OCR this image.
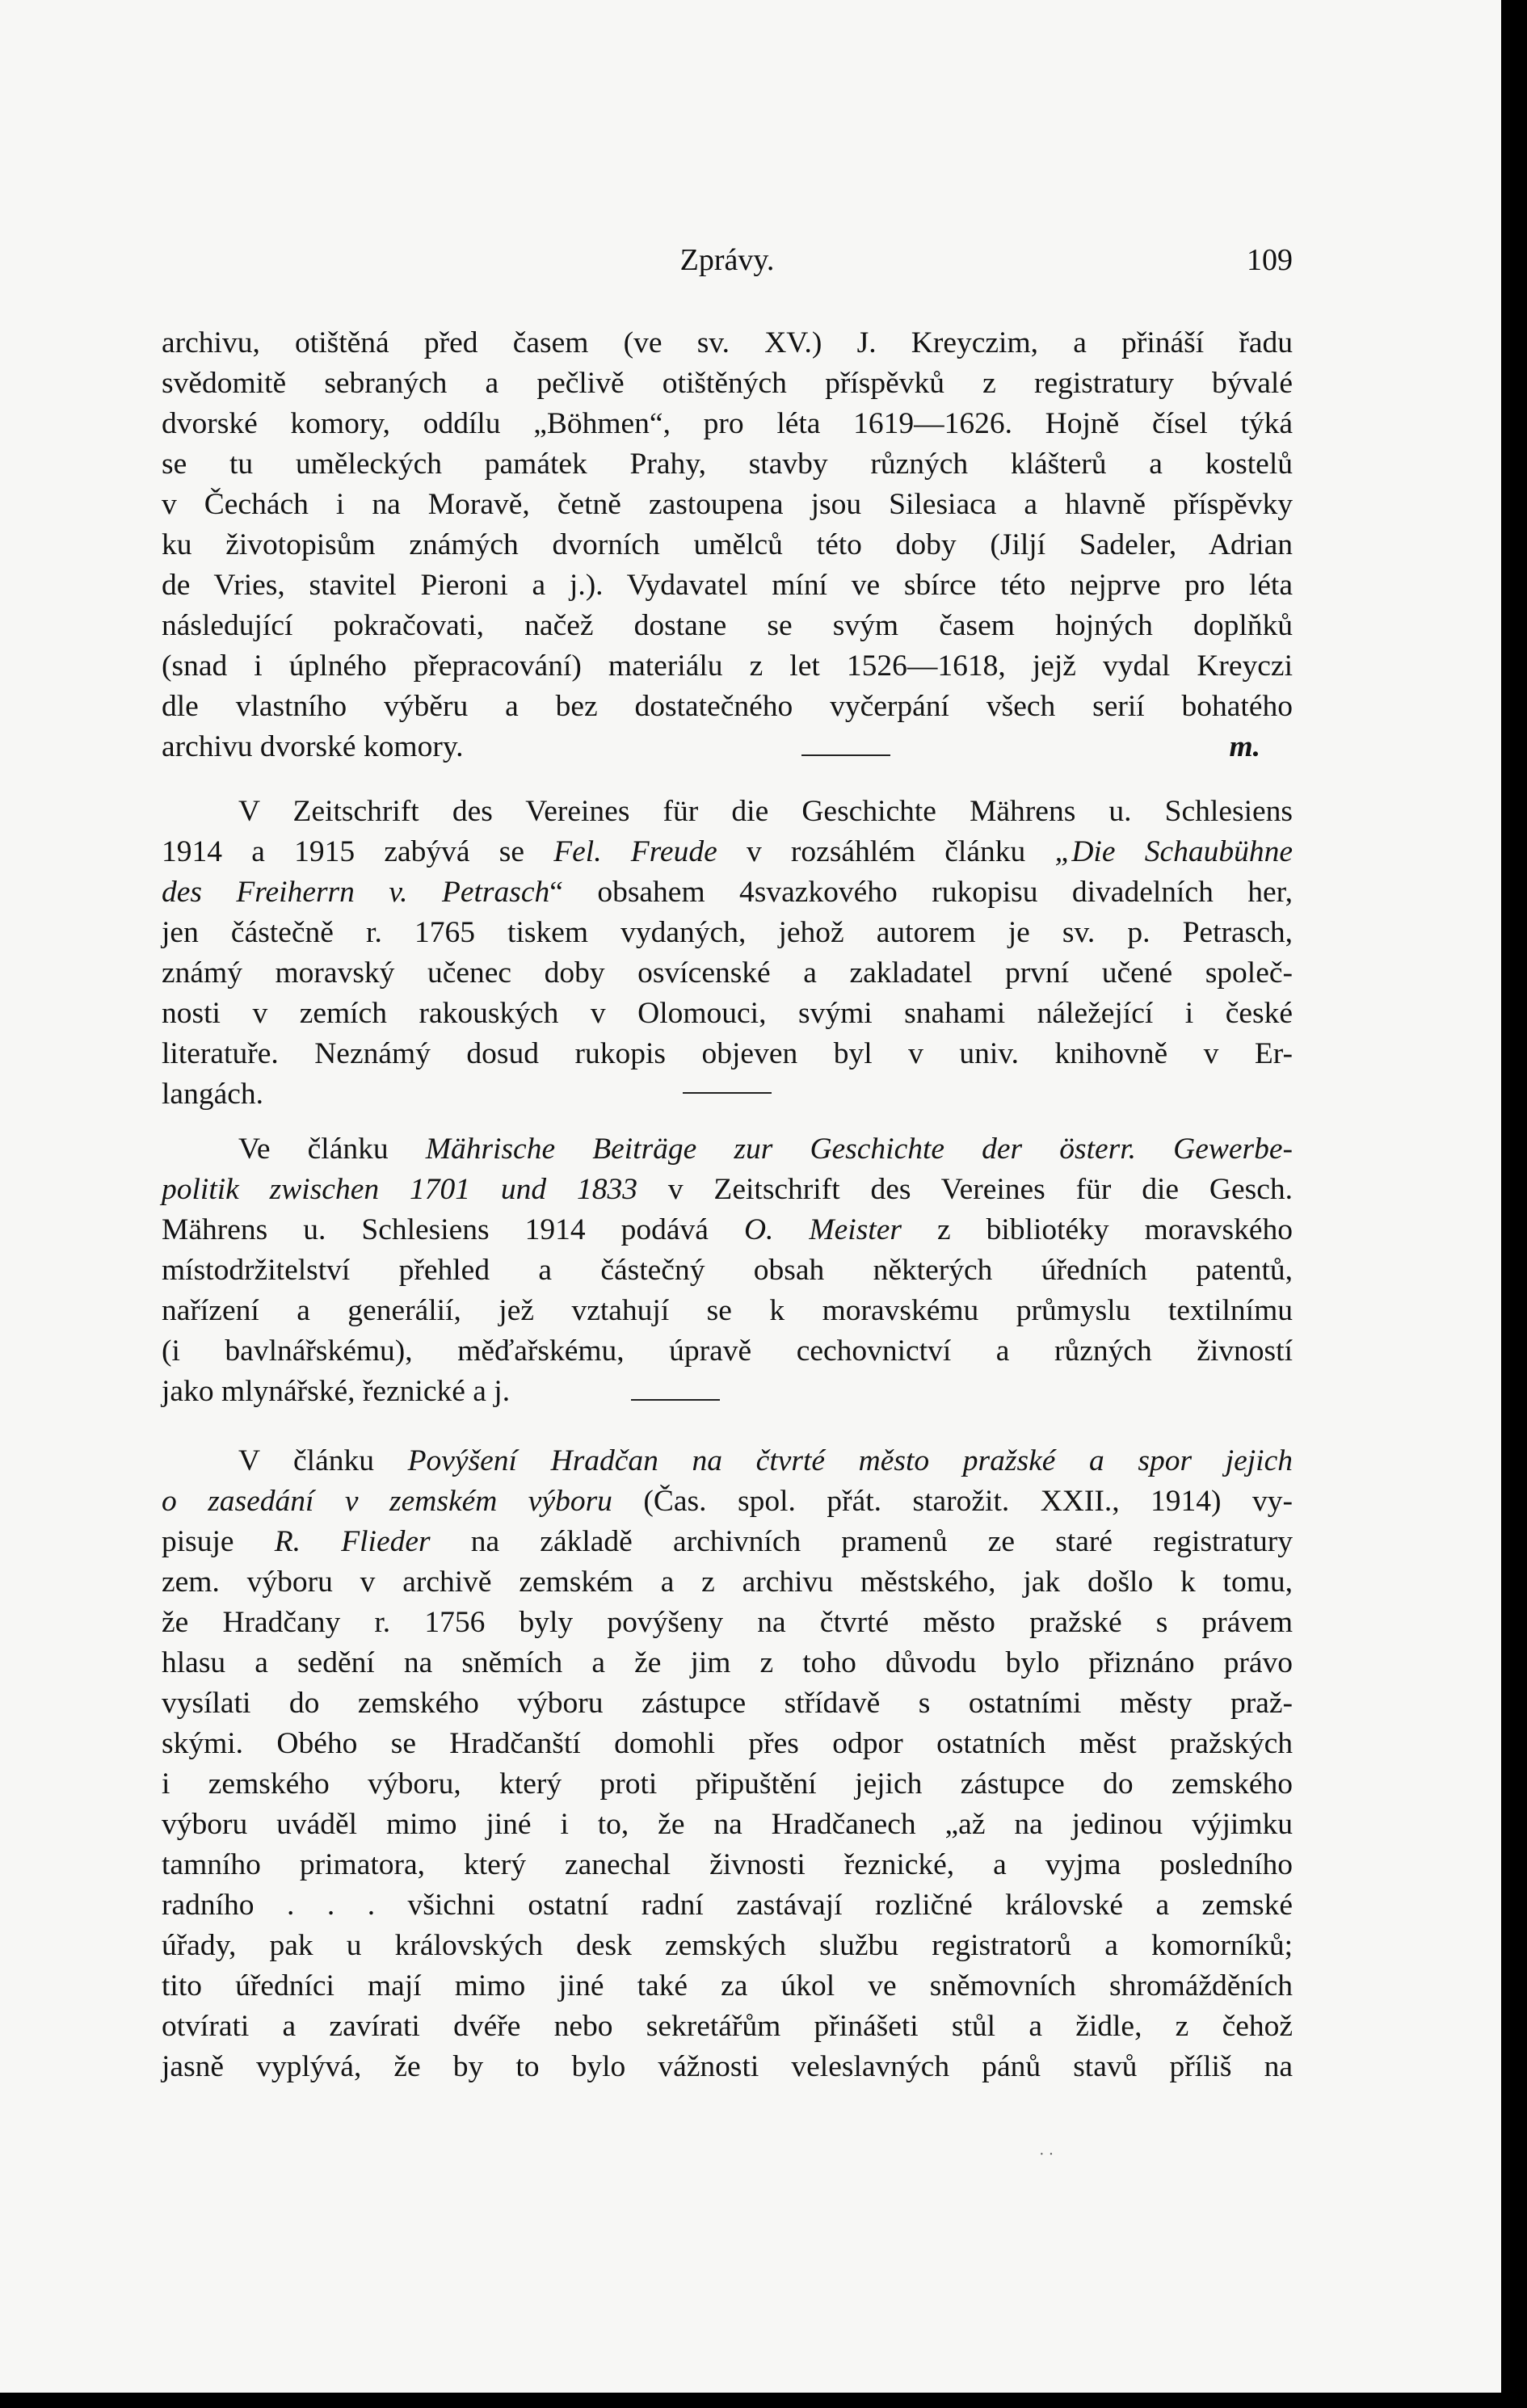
Zprávy.	109
archivu, otištěná před časem (ve sv. XV.) J. Kreyczim, a přináší řadu
svědomitě sebraných a pečlivě otištěných příspěvků z registratury bývalé
dvorské komory, oddílu „Böhmen“, pro léta 1619—1626. Hojně čísel týká
se tu uměleckých památek Prahy, stavby různých klášterů a kostelů
v Čechách i na Moravě, četně zastoupena jsou Silesiaca a hlavně příspěvky
ku životopisům známých dvorních umělců této doby (Jiljí Sadeler, Adrian
de Vries, stavitel Pieroni a j.). Vydavatel míní ve sbírce této nejprve pro léta
následující pokračovati, načež dostane se svým časem hojných doplňků
(snad i úplného přepracování) materiálu z let 1526—1618, jejž vydal Kreyczi
dle vlastního výběru a bez dostatečného vyčerpání všech serií bohatého
archivu dvorské komory.	m.
V Zeitschrift des Vereines für die Geschichte Mährens u. Schlesiens
1914 a 1915 zabývá se Fel. Freude v rozsáhlém článku „Die Schaubühne
des Freiherrn v. Petrasch“ obsahem 4svazkového rukopisu divadelních her,
jen částečně r. 1765 tiskem vydaných, jehož autorem je sv. p. Petrasch,
známý moravský učenec doby osvícenské a zakladatel první učené společ-
nosti v zemích rakouských v Olomouci, svými snahami náležející i české
literatuře. Neznámý dosud rukopis objeven byl v univ. knihovně v Er-
langách.
Ve článku Mährische Beiträge zur Geschichte der österr. Gewerbe-
politik zwischen 1701 und 1833 v Zeitschrift des Vereines für die Gesch.
Mährens u. Schlesiens 1914 podává O. Meister z bibliotéky moravského
místodržitelství přehled a částečný obsah některých úředních patentů,
nařízení a generálií, jež vztahují se k moravskému průmyslu textilnímu
(i bavlnářskému), měďařskému, úpravě cechovnictví a různých živností
jako mlynářské, řeznické a j.
V článku Povýšení Hradčan na čtvrté město pražské a spor jejich
o zasedání v zemském výboru (Čas. spol. přát. starožit. XXII., 1914) vy-
pisuje R. Flieder na základě archivních pramenů ze staré registratury
zem. výboru v archivě zemském a z archivu městského, jak došlo k tomu,
že Hradčany r. 1756 byly povýšeny na čtvrté město pražské s právem
hlasu a sedění na sněmích a že jim z toho důvodu bylo přiznáno právo
vysílati do zemského výboru zástupce střídavě s ostatními městy praž-
skými. Obého se Hradčanští domohli přes odpor ostatních měst pražských
i zemského výboru, který proti připuštění jejich zástupce do zemského
výboru uváděl mimo jiné i to, že na Hradčanech „až na jedinou výjimku
tamního primatora, který zanechal živnosti řeznické, a vyjma posledního
radního . . . všichni ostatní radní zastávají rozličné královské a zemské
úřady, pak u královských desk zemských službu registratorů a komorníků;
tito úředníci mají mimo jiné také za úkol ve sněmovních shromážděních
otvírati a zavírati dvéře nebo sekretářům přinášeti stůl a židle, z čehož
jasně vyplývá, že by to bylo vážnosti veleslavných pánů stavů příliš na
· ·
